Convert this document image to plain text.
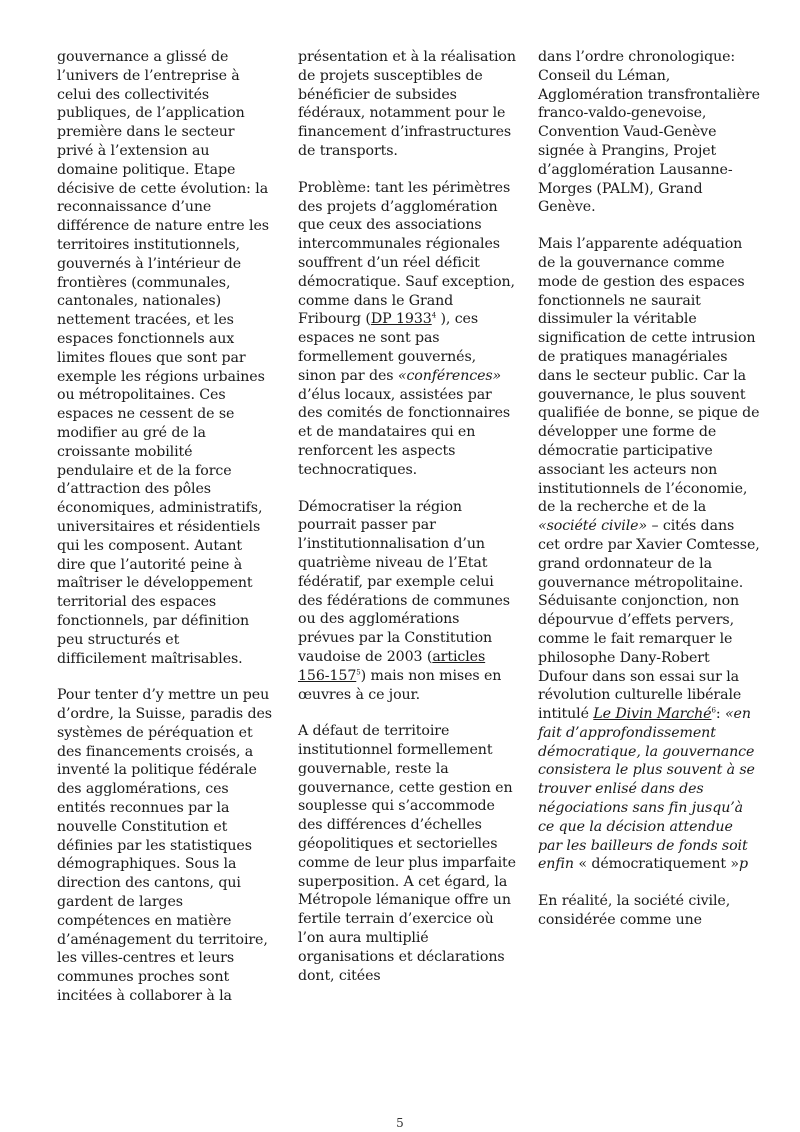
gouvernance a glissé de l’univers de l’entreprise à celui des collectivités publiques, de l’application première dans le secteur privé à l’extension au domaine politique. Etape décisive de cette évolution: la reconnaissance d’une différence de nature entre les territoires institutionnels, gouvernés à l’intérieur de frontières (communales, cantonales, nationales) nettement tracées, et les espaces fonctionnels aux limites floues que sont par exemple les régions urbaines ou métropolitaines. Ces espaces ne cessent de se modifier au gré de la croissante mobilité pendulaire et de la force d’attraction des pôles économiques, administratifs, universitaires et résidentiels qui les composent. Autant dire que l’autorité peine à maîtriser le développement territorial des espaces fonctionnels, par définition peu structurés et difficilement maîtrisables.

Pour tenter d’y mettre un peu d’ordre, la Suisse, paradis des systèmes de péréquation et des financements croisés, a inventé la politique fédérale des agglomérations, ces entités reconnues par la nouvelle Constitution et définies par les statistiques démographiques. Sous la direction des cantons, qui gardent de larges compétences en matière d’aménagement du territoire, les villes-centres et leurs communes proches sont incitées à collaborer à la

présentation et à la réalisation de projets susceptibles de bénéficier de subsides fédéraux, notamment pour le financement d’infrastructures de transports.

Problème: tant les périmètres des projets d’agglomération que ceux des associations intercommunales régionales souffrent d’un réel déficit démocratique. Sauf exception, comme dans le Grand Fribourg (DP 1933$^4$ ), ces espaces ne sont pas formellement gouvernés, sinon par des «conférences» d’élus locaux, assistées par des comités de fonctionnaires et de mandataires qui en renforcent les aspects technocratiques.

Démocratiser la région pourrait passer par l’institutionnalisation d’un quatrième niveau de l’Etat fédératif, par exemple celui des fédérations de communes ou des agglomérations prévues par la Constitution vaudoise de 2003 (articles $156-157^5$) mais non mises en œuvres à ce jour.

A défaut de territoire institutionnel formellement gouvernable, reste la gouvernance, cette gestion en souplesse qui s’accommode des différences d’échelles géopolitiques et sectorielles comme de leur plus imparfaite superposition. A cet égard, la Métropole lémanique offre un fertile terrain d’exercice où l’on aura multiplié organisations et déclarations dont, citées

dans l’ordre chronologique: Conseil du Léman, Agglomération transfrontalière franco-valdo-genevoise, Convention Vaud-Genève signée à Prangins, Projet d’agglomération Lausanne-Morges (PALM), Grand Genève.

Mais l’apparente adéquation de la gouvernance comme mode de gestion des espaces fonctionnels ne saurait dissimuler la véritable signification de cette intrusion de pratiques managériales dans le secteur public. Car la gouvernance, le plus souvent qualifiée de bonne, se pique de développer une forme de démocratie participative associant les acteurs non institutionnels de l’économie, de la recherche et de la «société civile» – cités dans cet ordre par Xavier Comtesse, grand ordonnateur de la gouvernance métropolitaine. Séduisante conjonction, non dépourvue d’effets pervers, comme le fait remarquer le philosophe Dany-Robert Dufour dans son essai sur la révolution culturelle libérale intitulé Le Divin Marché$^6$: «en fait d’approfondissement démocratique, la gouvernance consistera le plus souvent à se trouver enlisé dans des négociations sans fin jusqu’à ce que la décision attendue par les bailleurs de fonds soit enfin « démocratiquement »p

En réalité, la société civile, considérée comme une

5
